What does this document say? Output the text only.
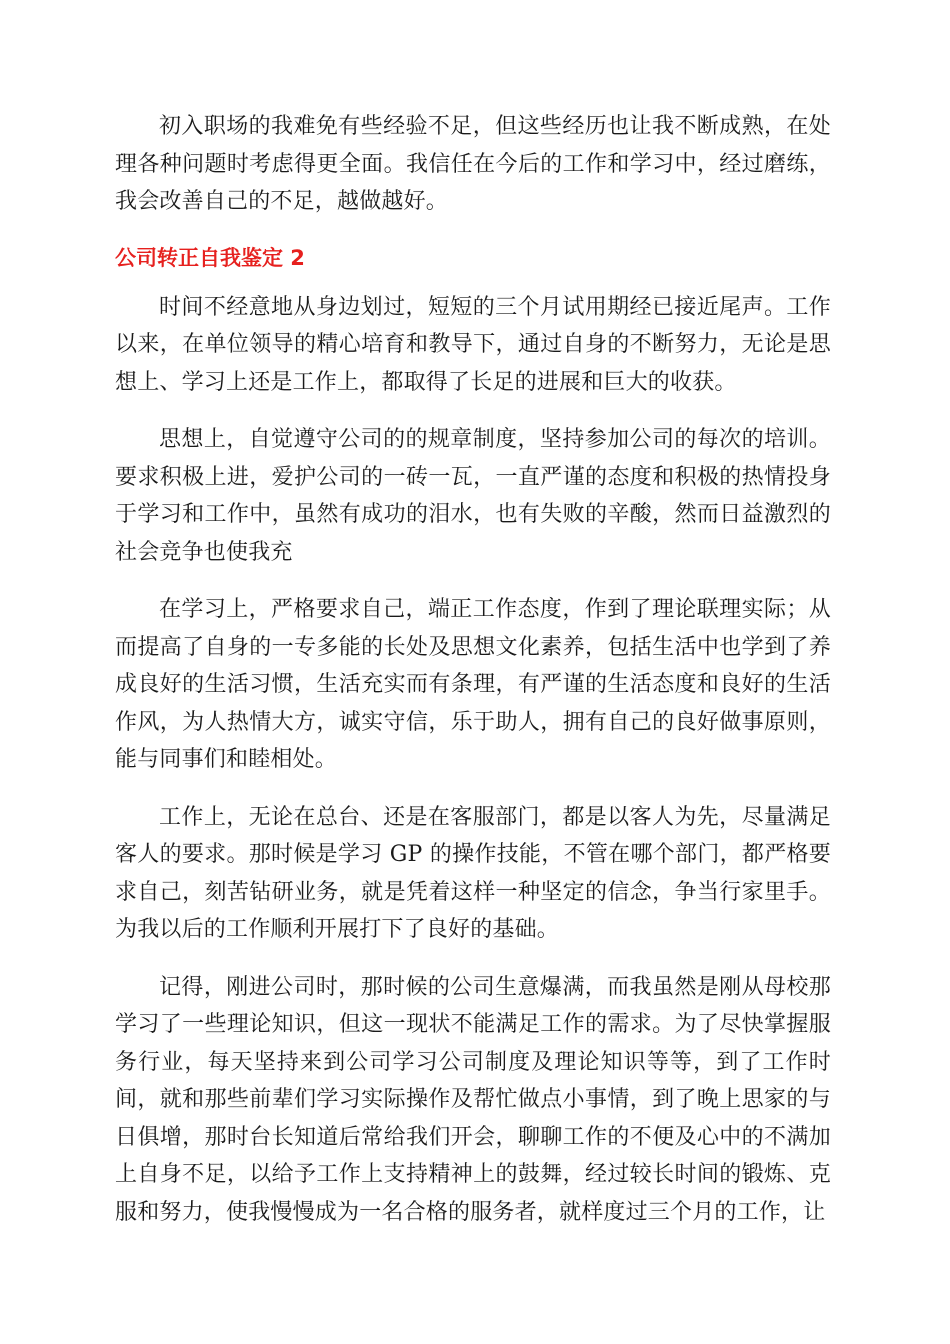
初入职场的我难免有些经验不足，但这些经历也让我不断成熟，在处理各种问题时考虑得更全面。我信任在今后的工作和学习中，经过磨练，我会改善自己的不足，越做越好。

公司转正自我鉴定 2

时间不经意地从身边划过，短短的三个月试用期经已接近尾声。工作以来，在单位领导的精心培育和教导下，通过自身的不断努力，无论是思想上、学习上还是工作上，都取得了长足的进展和巨大的收获。

思想上，自觉遵守公司的的规章制度，坚持参加公司的每次的培训。要求积极上进，爱护公司的一砖一瓦，一直严谨的态度和积极的热情投身于学习和工作中，虽然有成功的泪水，也有失败的辛酸，然而日益激烈的社会竞争也使我充

在学习上，严格要求自己，端正工作态度，作到了理论联理实际；从而提高了自身的一专多能的长处及思想文化素养，包括生活中也学到了养成良好的生活习惯，生活充实而有条理，有严谨的生活态度和良好的生活作风，为人热情大方，诚实守信，乐于助人，拥有自己的良好做事原则，能与同事们和睦相处。

工作上，无论在总台、还是在客服部门，都是以客人为先，尽量满足客人的要求。那时候是学习 GP 的操作技能，不管在哪个部门，都严格要求自己，刻苦钻研业务，就是凭着这样一种坚定的信念，争当行家里手。为我以后的工作顺利开展打下了良好的基础。

记得，刚进公司时，那时候的公司生意爆满，而我虽然是刚从母校那学习了一些理论知识，但这一现状不能满足工作的需求。为了尽快掌握服务行业，每天坚持来到公司学习公司制度及理论知识等等，到了工作时间，就和那些前辈们学习实际操作及帮忙做点小事情，到了晚上思家的与日俱增，那时台长知道后常给我们开会，聊聊工作的不便及心中的不满加上自身不足，以给予工作上支持精神上的鼓舞，经过较长时间的锻炼、克服和努力，使我慢慢成为一名合格的服务者，就样度过三个月的工作，让
